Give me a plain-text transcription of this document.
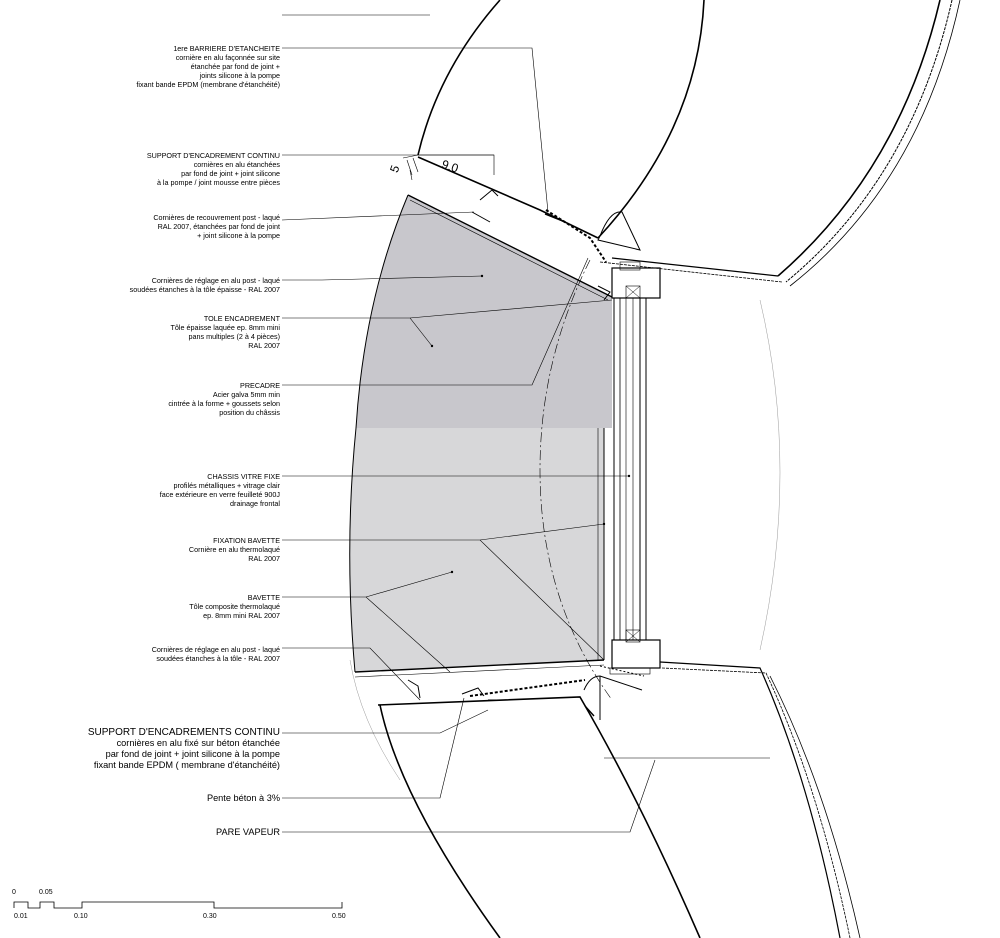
9.0
5
1ere BARRIERE D'ETANCHEITE
cornière en alu façonnée sur site
étanchée par fond de joint +
joints silicone à la pompe
fixant bande EPDM (membrane d'étanchéité)
SUPPORT D'ENCADREMENT CONTINU
cornières en alu étanchées
par fond de joint + joint silicone
à la pompe / joint mousse entre pièces
Cornières de recouvrement post - laqué
RAL 2007, étanchées par fond de joint
+ joint silicone à la pompe
Cornières de réglage en alu post - laqué
soudées étanches à la tôle épaisse - RAL 2007
TOLE ENCADREMENT
Tôle épaisse laquée ep. 8mm mini
pans multiples (2 à 4 pièces)
RAL 2007
PRECADRE
Acier galva 5mm min
cintrée à la forme + goussets selon
position du châssis
CHASSIS VITRE FIXE
profilés métalliques + vitrage clair
face extérieure en verre feuilleté 900J
drainage frontal
FIXATION BAVETTE
Cornière en alu thermolaqué
RAL 2007
BAVETTE
Tôle composite thermolaqué
ep. 8mm mini RAL 2007
Cornières de réglage en alu post - laqué
soudées étanches à la tôle - RAL 2007
SUPPORT D'ENCADREMENTS CONTINU
cornières en alu fixé sur béton étanchée
par fond de joint + joint silicone à la pompe
fixant bande EPDM ( membrane d'étanchéité)
Pente béton à 3%
PARE VAPEUR
0	0.05
0.01	0.10	0.30	0.50
